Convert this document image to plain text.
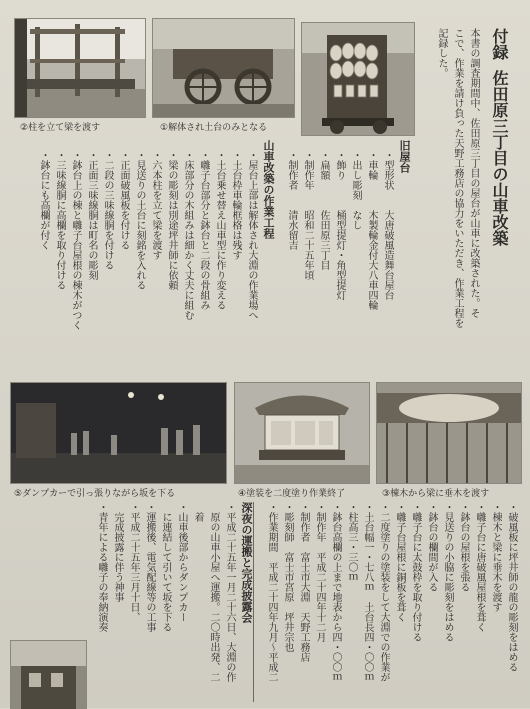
②柱を立て梁を渡す	①解体され土台のみとなる
付録
佐田原三丁目の山車改築
本書の調査期間中、佐田原三丁目の屋台が山車に改築された。そ
こで、作業を請け負った天野工務店の協力をいただき、作業工程を
記録した。
旧屋台
・型形状　　大唐破風造舞台屋台
・車輪　　　木製輪金付大八車四輪
・出し彫刻　なし
・飾り　　　桶型提灯・角型提灯
・扁額　　　佐田原三丁目
・制作年　　昭和二十五年頃
・制作者　　清水留吉
山車改築の作業工程
・屋台上部は解体され大淵の作業場へ
・土台枠車輪框格は残す
・土台乗せ替え山車型に作り変える
・囃子台部分と鉢台と二段の骨組み
・床部分の木組みは細かく丈夫に組む
・梁の彫刻は別途坪井師に依頼
・六本柱を立て梁を渡す
・見送りの土台に刻銘を入れる
・正面破風板を付ける
・二段の三味線胴を付ける
・正面三味線胴は町名の彫刻
・鉢台上の棟と囃子台屋根の棟木がつく
・三味線胴に高欄を取り付ける
・鉢台にも高欄が付く
⑤ダンプカーで引っ張りながら坂を下る	④塗装を二度塗り作業終了	③棟木から梁に垂木を渡す
・破風板に坪井師の龍の彫刻をはめる
・棟木と梁に垂木を渡す
・囃子台に唐破風屋根を葺く
・鉢台の屋根を張る
・見送りの小脇に彫刻をはめる
・鉢台の欄間が入る
・囃子台に太鼓枠を取り付ける
・囃子台屋根に銅板を葺く
・二度塗りの塗装をして大淵での作業が
・土台幅一・七八ｍ　土台長四・〇〇ｍ
・柱高三・三〇ｍ
・鉢台高欄の上まで地表から四・〇〇ｍ
・制作年　平成二十四年十二月
・制作者　富士市大淵　天野工務店
・彫刻師　富士市宮原　坪井宗也
・作業期間　平成二十四年九月～平成二
深夜の運搬と完成披露会
・平成二十五年一月二十六日、大淵の作
　原の山車小屋へ運搬。二〇時出発、二
　着
・山車後部からダンプカー
　に連結して引いて坂を下る
・運搬後、電気配線等の工事
・平成二十五年三月十日、
　完成披露に伴う神事
・青年による囃子の奉納演奏
